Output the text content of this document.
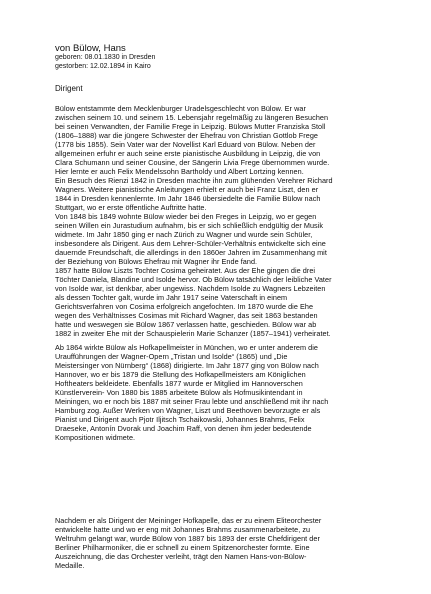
von Bülow, Hans

geboren: 08.01.1830 in Dresden

gestorben: 12.02.1894 in Kairo

Dirigent

Bülow entstammte dem Mecklenburger Uradelsgeschlecht von Bülow. Er war
zwischen seinem 10. und seinem 15. Lebensjahr regelmäßig zu längeren Besuchen
bei seinen Verwandten, der Familie Frege in Leipzig. Bülows Mutter Franziska Stoll
(1806–1888) war die jüngere Schwester der Ehefrau von Christian Gottlob Frege
(1778 bis 1855). Sein Vater war der Novellist Karl Eduard von Bülow. Neben der
allgemeinen erfuhr er auch seine erste pianistische Ausbildung in Leipzig, die von
Clara Schumann und seiner Cousine, der Sängerin Livia Frege übernommen wurde.
Hier lernte er auch Felix Mendelssohn Bartholdy und Albert Lortzing kennen.
Ein Besuch des Rienzi 1842 in Dresden machte ihn zum glühenden Verehrer Richard
Wagners. Weitere pianistische Anleitungen erhielt er auch bei Franz Liszt, den er
1844 in Dresden kennenlernte. Im Jahr 1846 übersiedelte die Familie Bülow nach
Stuttgart, wo er erste öffentliche Auftritte hatte.
Von 1848 bis 1849 wohnte Bülow wieder bei den Freges in Leipzig, wo er gegen
seinen Willen ein Jurastudium aufnahm, bis er sich schließlich endgültig der Musik
widmete. Im Jahr 1850 ging er nach Zürich zu Wagner und wurde sein Schüler,
insbesondere als Dirigent. Aus dem Lehrer-Schüler-Verhältnis entwickelte sich eine
dauernde Freundschaft, die allerdings in den 1860er Jahren im Zusammenhang mit
der Beziehung von Bülows Ehefrau mit Wagner ihr Ende fand.
1857 hatte Bülow Liszts Tochter Cosima geheiratet. Aus der Ehe gingen die drei
Töchter Daniela, Blandine und Isolde hervor. Ob Bülow tatsächlich der leibliche Vater
von Isolde war, ist denkbar, aber ungewiss. Nachdem Isolde zu Wagners Lebzeiten
als dessen Tochter galt, wurde im Jahr 1917 seine Vaterschaft in einem
Gerichtsverfahren von Cosima erfolgreich angefochten. Im 1870 wurde die Ehe
wegen des Verhältnisses Cosimas mit Richard Wagner, das seit 1863 bestanden
hatte und weswegen sie Bülow 1867 verlassen hatte, geschieden. Bülow war ab
1882 in zweiter Ehe mit der Schauspielerin Marie Schanzer (1857–1941) verheiratet.

Ab 1864 wirkte Bülow als Hofkapellmeister in München, wo er unter anderem die
Uraufführungen der Wagner-Opern „Tristan und Isolde“ (1865) und „Die
Meistersinger von Nürnberg“ (1868) dirigierte. Im Jahr 1877 ging von Bülow nach
Hannover, wo er bis 1879 die Stellung des Hofkapellmeisters am Königlichen
Hoftheaters bekleidete. Ebenfalls 1877 wurde er Mitglied im Hannoverschen
Künstlerverein- Von 1880 bis 1885 arbeitete Bülow als Hofmusikintendant in
Meiningen, wo er noch bis 1887 mit seiner Frau lebte und anschließend mit ihr nach
Hamburg zog. Außer Werken von Wagner, Liszt und Beethoven bevorzugte er als
Pianist und Dirigent auch Pjotr Iljitsch Tschaikowski, Johannes Brahms, Felix
Draeseke, Antonín Dvorak und Joachim Raff, von denen ihm jeder bedeutende
Kompositionen widmete.

Nachdem er als Dirigent der Meininger Hofkapelle, das er zu einem Eliteorchester
entwickelte hatte und wo er eng mit Johannes Brahms zusammenarbeitete, zu
Weltruhm gelangt war, wurde Bülow von 1887 bis 1893 der erste Chefdirigent der
Berliner Philharmoniker, die er schnell zu einem Spitzenorchester formte. Eine
Auszeichnung, die das Orchester verleiht, trägt den Namen Hans-von-Bülow-
Medaille.
